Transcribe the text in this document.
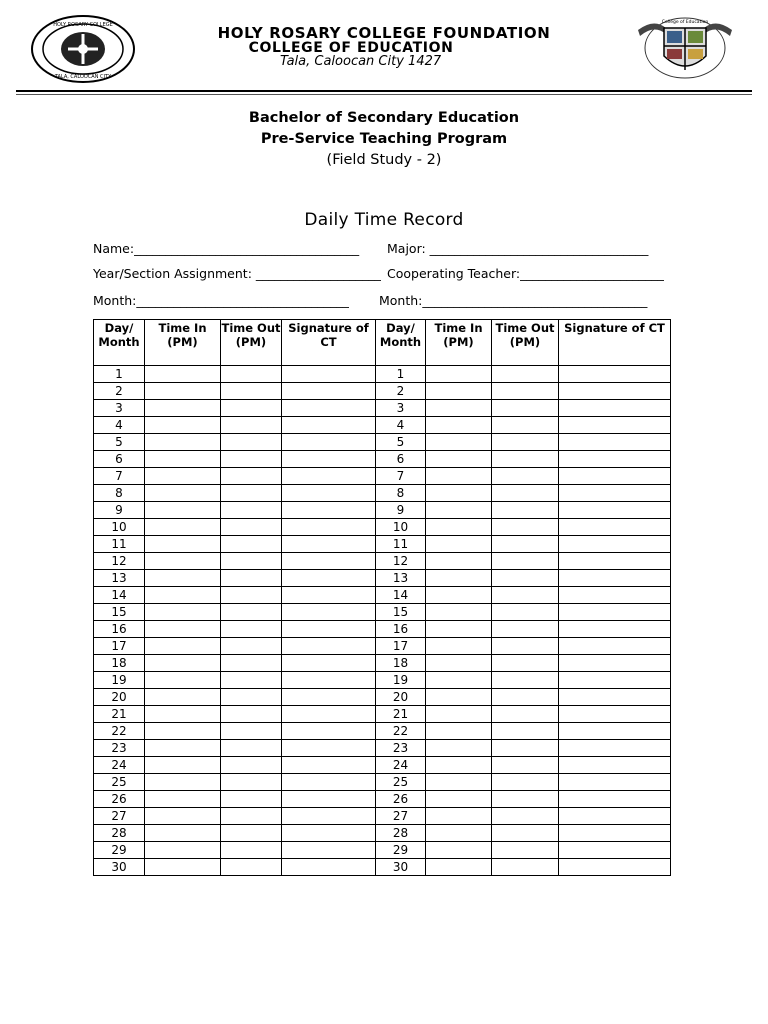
HOLY ROSARY COLLEGE
TALA, CALOOCAN CITY
HOLY ROSARY COLLEGE FOUNDATION
COLLEGE OF EDUCATION
Tala, Caloocan City 1427
College of Education
Bachelor of Secondary Education
Pre-Service Teaching Program
(Field Study - 2)
Daily Time Record
Name:____________________________________ Major: ___________________________________
Year/Section Assignment: ____________________ Cooperating Teacher:_______________________
Month:__________________________________ Month:____________________________________
Day/ Month	Time In (PM)	Time Out (PM)	Signature of CT	Day/ Month	Time In (PM)	Time Out (PM)	Signature of CT
1				1			
2				2			
3				3			
4				4			
5				5			
6				6			
7				7			
8				8			
9				9			
10				10			
11				11			
12				12			
13				13			
14				14			
15				15			
16				16			
17				17			
18				18			
19				19			
20				20			
21				21			
22				22			
23				23			
24				24			
25				25			
26				26			
27				27			
28				28			
29				29			
30				30			
